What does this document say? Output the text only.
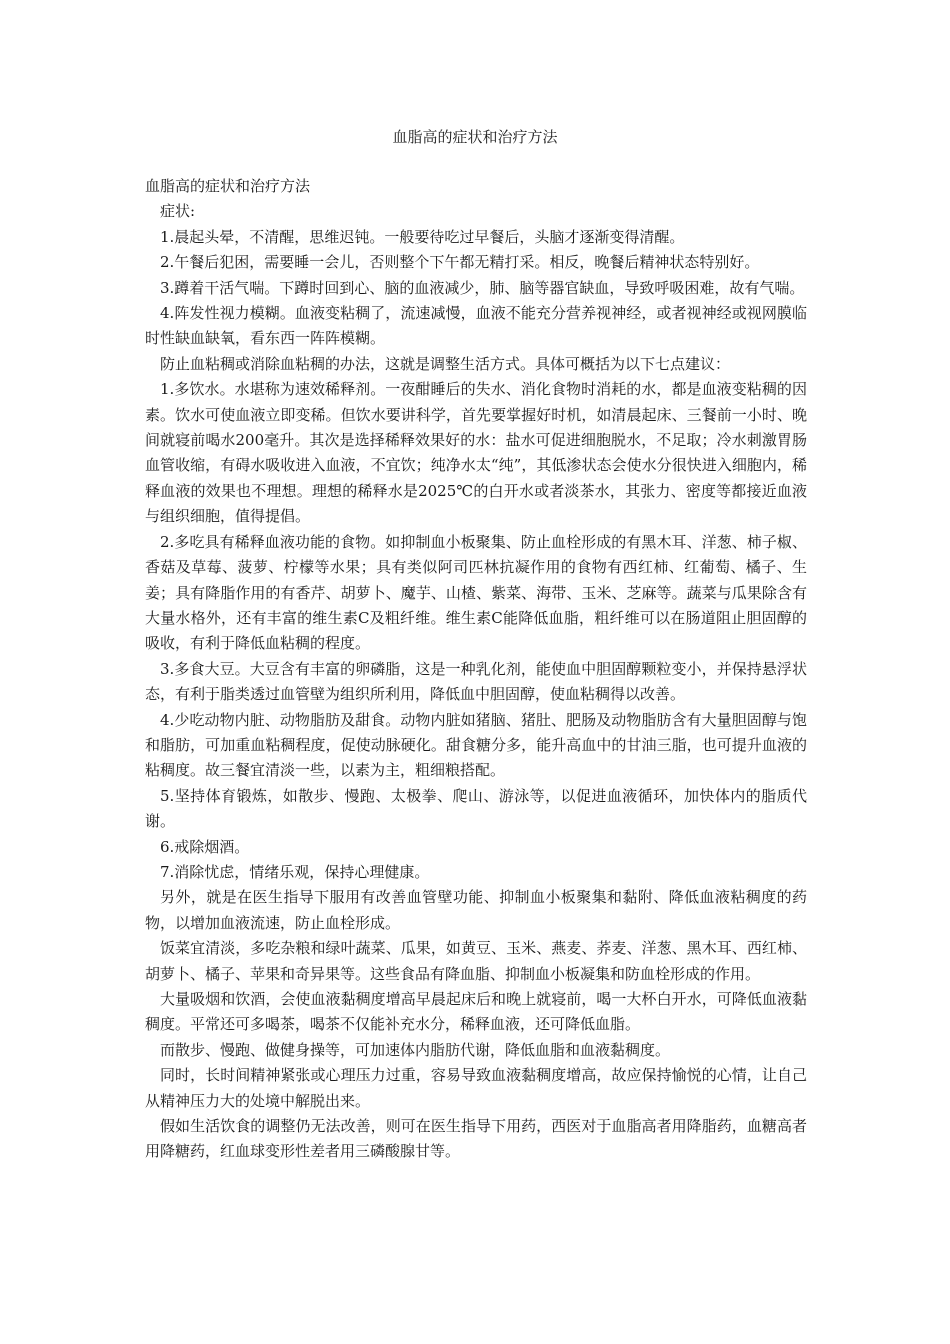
血脂高的症状和治疗方法

血脂高的症状和治疗方法

症状:

1.晨起头晕，不清醒，思维迟钝。一般要待吃过早餐后，头脑才逐渐变得清醒。

2.午餐后犯困，需要睡一会儿，否则整个下午都无精打采。相反，晚餐后精神状态特别好。

3.蹲着干活气喘。下蹲时回到心、脑的血液减少，肺、脑等器官缺血，导致呼吸困难，故有气喘。

4.阵发性视力模糊。血液变粘稠了，流速减慢，血液不能充分营养视神经，或者视神经或视网膜临时性缺血缺氧，看东西一阵阵模糊。

防止血粘稠或消除血粘稠的办法，这就是调整生活方式。具体可概括为以下七点建议：

1.多饮水。水堪称为速效稀释剂。一夜酣睡后的失水、消化食物时消耗的水，都是血液变粘稠的因素。饮水可使血液立即变稀。但饮水要讲科学，首先要掌握好时机，如清晨起床、三餐前一小时、晚间就寝前喝水200毫升。其次是选择稀释效果好的水：盐水可促进细胞脱水，不足取；冷水刺激胃肠血管收缩，有碍水吸收进入血液，不宜饮；纯净水太“纯”，其低渗状态会使水分很快进入细胞内，稀释血液的效果也不理想。理想的稀释水是2025℃的白开水或者淡茶水，其张力、密度等都接近血液与组织细胞，值得提倡。

2.多吃具有稀释血液功能的食物。如抑制血小板聚集、防止血栓形成的有黑木耳、洋葱、柿子椒、香菇及草莓、菠萝、柠檬等水果；具有类似阿司匹林抗凝作用的食物有西红柿、红葡萄、橘子、生姜；具有降脂作用的有香芹、胡萝卜、魔芋、山楂、紫菜、海带、玉米、芝麻等。蔬菜与瓜果除含有大量水格外，还有丰富的维生素C及粗纤维。维生素C能降低血脂，粗纤维可以在肠道阻止胆固醇的吸收，有利于降低血粘稠的程度。

3.多食大豆。大豆含有丰富的卵磷脂，这是一种乳化剂，能使血中胆固醇颗粒变小，并保持悬浮状态，有利于脂类透过血管壁为组织所利用，降低血中胆固醇，使血粘稠得以改善。

4.少吃动物内脏、动物脂肪及甜食。动物内脏如猪脑、猪肚、肥肠及动物脂肪含有大量胆固醇与饱和脂肪，可加重血粘稠程度，促使动脉硬化。甜食糖分多，能升高血中的甘油三脂，也可提升血液的粘稠度。故三餐宜清淡一些，以素为主，粗细粮搭配。

5.坚持体育锻炼，如散步、慢跑、太极拳、爬山、游泳等，以促进血液循环，加快体内的脂质代谢。

6.戒除烟酒。

7.消除忧虑，情绪乐观，保持心理健康。

另外，就是在医生指导下服用有改善血管壁功能、抑制血小板聚集和黏附、降低血液粘稠度的药物，以增加血液流速，防止血栓形成。

饭菜宜清淡，多吃杂粮和绿叶蔬菜、瓜果，如黄豆、玉米、燕麦、荞麦、洋葱、黑木耳、西红柿、胡萝卜、橘子、苹果和奇异果等。这些食品有降血脂、抑制血小板凝集和防血栓形成的作用。

大量吸烟和饮酒，会使血液黏稠度增高早晨起床后和晚上就寝前，喝一大杯白开水，可降低血液黏稠度。平常还可多喝茶，喝茶不仅能补充水分，稀释血液，还可降低血脂。

而散步、慢跑、做健身操等，可加速体内脂肪代谢，降低血脂和血液黏稠度。

同时，长时间精神紧张或心理压力过重，容易导致血液黏稠度增高，故应保持愉悦的心情，让自己从精神压力大的处境中解脱出来。

假如生活饮食的调整仍无法改善，则可在医生指导下用药，西医对于血脂高者用降脂药，血糖高者用降糖药，红血球变形性差者用三磷酸腺甘等。
